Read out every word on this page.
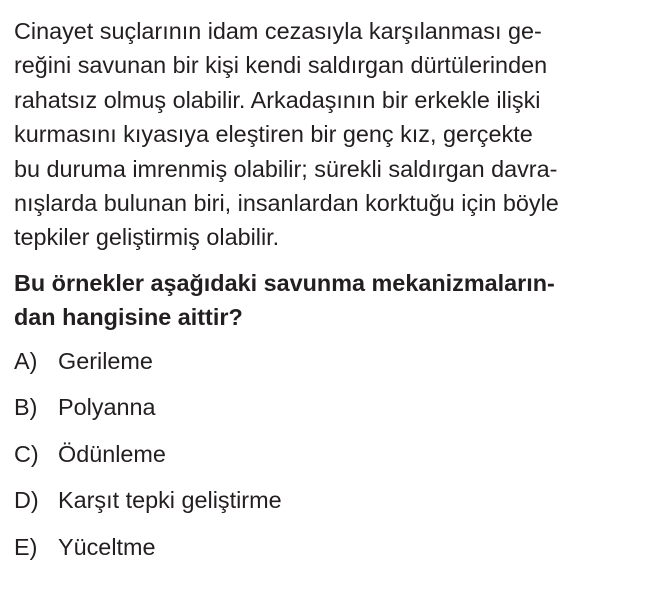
Cinayet suçlarının idam cezasıyla karşılanması ge-
reğini savunan bir kişi kendi saldırgan dürtülerinden
rahatsız olmuş olabilir. Arkadaşının bir erkekle ilişki
kurmasını kıyasıya eleştiren bir genç kız, gerçekte
bu duruma imrenmiş olabilir; sürekli saldırgan davra-
nışlarda bulunan biri, insanlardan korktuğu için böyle
tepkiler geliştirmiş olabilir.
Bu örnekler aşağıdaki savunma mekanizmaların-
dan hangisine aittir?
A) Gerileme
B) Polyanna
C) Ödünleme
D) Karşıt tepki geliştirme
E) Yüceltme
